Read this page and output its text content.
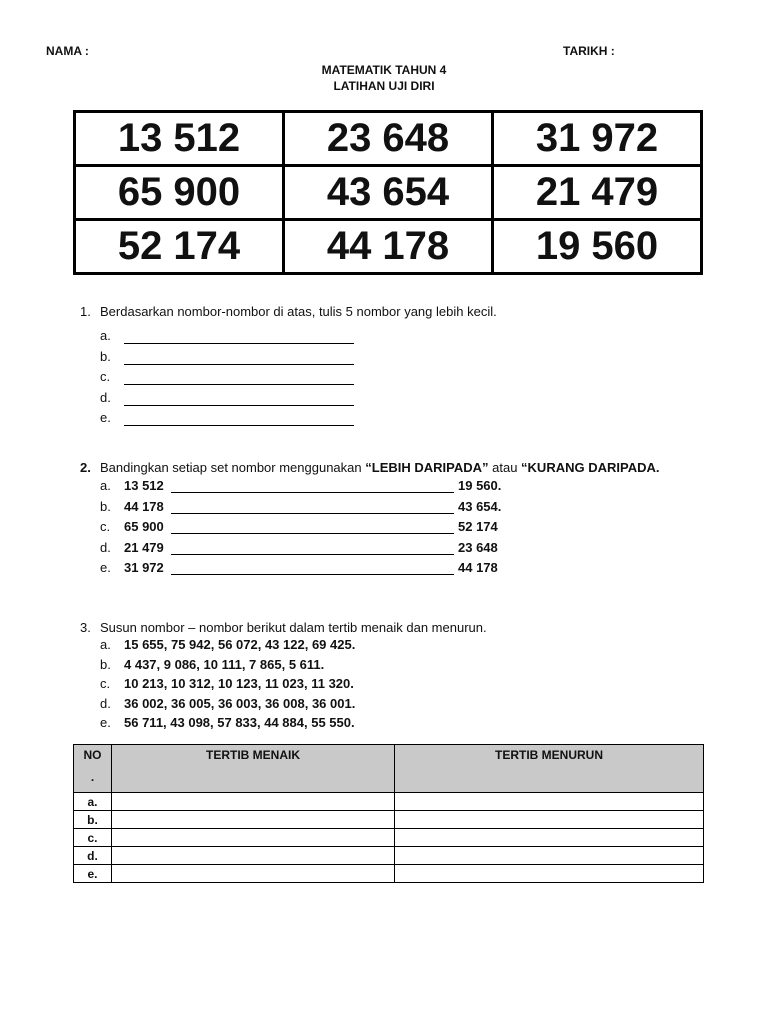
NAMA :	TARIKH :
MATEMATIK TAHUN 4
LATIHAN UJI DIRI
13 512	23 648	31 972
65 900	43 654	21 479
52 174	44 178	19 560
1. Berdasarkan nombor-nombor di atas, tulis 5 nombor yang lebih kecil.
a.
b.
c.
d.
e.
2. Bandingkan setiap set nombor menggunakan “LEBIH DARIPADA” atau “KURANG DARIPADA.
a.	13 512	19 560.
b.	44 178	43 654.
c.	65 900	52 174
d.	21 479	23 648
e.	31 972	44 178
3. Susun nombor – nombor berikut dalam tertib menaik dan menurun.
a.	15 655, 75 942, 56 072, 43 122, 69 425.
b.	4 437, 9 086, 10 111, 7 865, 5 611.
c.	10 213, 10 312, 10 123, 11 023, 11 320.
d.	36 002, 36 005, 36 003, 36 008, 36 001.
e.	56 711, 43 098, 57 833, 44 884, 55 550.
NO
.	TERTIB MENAIK	TERTIB MENURUN
a.		
b.		
c.		
d.		
e.		
